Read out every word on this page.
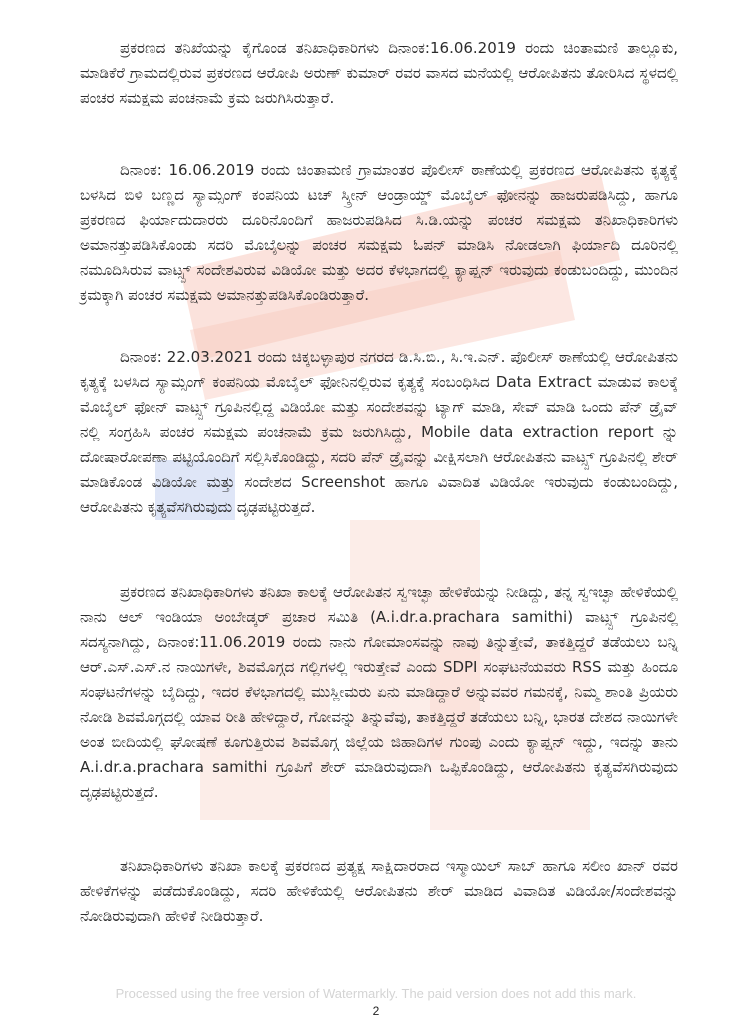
ಪ್ರಕರಣದ ತನಿಖೆಯನ್ನು ಕೈಗೊಂಡ ತನಿಖಾಧಿಕಾರಿಗಳು ದಿನಾಂಕ:16.06.2019 ರಂದು ಚಿಂತಾಮಣಿ ತಾಲ್ಲೂಕು, ಮಾಡಿಕೆರೆ ಗ್ರಾಮದಲ್ಲಿರುವ ಪ್ರಕರಣದ ಆರೋಪಿ ಅರುಣ್ ಕುಮಾರ್ ರವರ ವಾಸದ ಮನೆಯಲ್ಲಿ ಆರೋಪಿತನು ತೋರಿಸಿದ ಸ್ಥಳದಲ್ಲಿ ಪಂಚರ ಸಮಕ್ಷಮ ಪಂಚನಾಮೆ ಕ್ರಮ ಜರುಗಿಸಿರುತ್ತಾರೆ.

ದಿನಾಂಕ: 16.06.2019 ರಂದು ಚಿಂತಾಮಣಿ ಗ್ರಾಮಾಂತರ ಪೊಲೀಸ್ ಠಾಣೆಯಲ್ಲಿ ಪ್ರಕರಣದ ಆರೋಪಿತನು ಕೃತ್ಯಕ್ಕೆ ಬಳಸಿದ ಬಿಳಿ ಬಣ್ಣದ ಸ್ಯಾಮ್ಸಂಗ್ ಕಂಪನಿಯ ಟಚ್ ಸ್ಕ್ರೀನ್ ಆಂಡ್ರಾಯ್ಡ್ ಮೊಬೈಲ್ ಫೋನನ್ನು ಹಾಜರುಪಡಿಸಿದ್ದು, ಹಾಗೂ ಪ್ರಕರಣದ ಫಿರ್ಯಾದುದಾರರು ದೂರಿನೊಂದಿಗೆ ಹಾಜರುಪಡಿಸಿದ ಸಿ.ಡಿ.ಯನ್ನು ಪಂಚರ ಸಮಕ್ಷಮ ತನಿಖಾಧಿಕಾರಿಗಳು ಅಮಾನತ್ತುಪಡಿಸಿಕೊಂಡು ಸದರಿ ಮೊಬೈಲನ್ನು ಪಂಚರ ಸಮಕ್ಷಮ ಓಪನ್ ಮಾಡಿಸಿ ನೋಡಲಾಗಿ ಫಿರ್ಯಾದಿ ದೂರಿನಲ್ಲಿ ನಮೂದಿಸಿರುವ ವಾಟ್ಸ್ಪ್ ಸಂದೇಶವಿರುವ ವಿಡಿಯೋ ಮತ್ತು ಅದರ ಕೆಳಭಾಗದಲ್ಲಿ ಕ್ಯಾಪ್ಷನ್ ಇರುವುದು ಕಂಡುಬಂದಿದ್ದು, ಮುಂದಿನ ಕ್ರಮಕ್ಕಾಗಿ ಪಂಚರ ಸಮಕ್ಷಮ ಅಮಾನತ್ತುಪಡಿಸಿಕೊಂಡಿರುತ್ತಾರೆ.

ದಿನಾಂಕ: 22.03.2021 ರಂದು ಚಿಕ್ಕಬಳ್ಳಾಪುರ ನಗರದ ಡಿ.ಸಿ.ಬಿ., ಸಿ.ಇ.ಎನ್. ಪೊಲೀಸ್ ಠಾಣೆಯಲ್ಲಿ ಆರೋಪಿತನು ಕೃತ್ಯಕ್ಕೆ ಬಳಸಿದ ಸ್ಯಾಮ್ಸಂಗ್ ಕಂಪನಿಯ ಮೊಬೈಲ್ ಫೋನಿನಲ್ಲಿರುವ ಕೃತ್ಯಕ್ಕೆ ಸಂಬಂಧಿಸಿದ Data Extract ಮಾಡುವ ಕಾಲಕ್ಕೆ ಮೊಬೈಲ್ ಫೋನ್ ವಾಟ್ಸ್ಪ್ ಗ್ರೂಪಿನಲ್ಲಿದ್ದ ವಿಡಿಯೋ ಮತ್ತು ಸಂದೇಶವನ್ನು ಟ್ಯಾಗ್ ಮಾಡಿ, ಸೇವ್ ಮಾಡಿ ಒಂದು ಪೆನ್ ಡ್ರೈವ್ ನಲ್ಲಿ ಸಂಗ್ರಹಿಸಿ ಪಂಚರ ಸಮಕ್ಷಮ ಪಂಚನಾಮೆ ಕ್ರಮ ಜರುಗಿಸಿದ್ದು, Mobile data extraction report ನ್ನು ದೋಷಾರೋಪಣಾ ಪಟ್ಟಿಯೊಂದಿಗೆ ಸಲ್ಲಿಸಿಕೊಂಡಿದ್ದು, ಸದರಿ ಪೆನ್ ಡ್ರೈವನ್ನು ವೀಕ್ಷಿಸಲಾಗಿ ಆರೋಪಿತನು ವಾಟ್ಸ್ಪ್ ಗ್ರೂಪಿನಲ್ಲಿ ಶೇರ್ ಮಾಡಿಕೊಂಡ ವಿಡಿಯೋ ಮತ್ತು ಸಂದೇಶದ Screenshot ಹಾಗೂ ವಿವಾದಿತ ವಿಡಿಯೋ ಇರುವುದು ಕಂಡುಬಂದಿದ್ದು, ಆರೋಪಿತನು ಕೃತ್ಯವೆಸಗಿರುವುದು ದೃಢಪಟ್ಟಿರುತ್ತದೆ.

ಪ್ರಕರಣದ ತನಿಖಾಧಿಕಾರಿಗಳು ತನಿಖಾ ಕಾಲಕ್ಕೆ ಆರೋಪಿತನ ಸ್ವಇಚ್ಛಾ ಹೇಳಿಕೆಯನ್ನು ನೀಡಿದ್ದು, ತನ್ನ ಸ್ವಇಚ್ಛಾ ಹೇಳಿಕೆಯಲ್ಲಿ ನಾನು ಆಲ್ ಇಂಡಿಯಾ ಅಂಬೇಡ್ಕರ್ ಪ್ರಚಾರ ಸಮಿತಿ (A.i.dr.a.prachara samithi) ವಾಟ್ಸ್ಪ್ ಗ್ರೂಪಿನಲ್ಲಿ ಸದಸ್ಯನಾಗಿದ್ದು, ದಿನಾಂಕ:11.06.2019 ರಂದು ನಾನು ಗೋಮಾಂಸವನ್ನು ನಾವು ತಿನ್ನುತ್ತೇವೆ, ತಾಕತ್ತಿದ್ದರೆ ತಡೆಯಲು ಬನ್ನಿ ಆರ್.ಎಸ್.ಎಸ್.ನ ನಾಯಿಗಳೇ, ಶಿವಮೊಗ್ಗದ ಗಲ್ಲಿಗಳಲ್ಲಿ ಇರುತ್ತೇವೆ ಎಂದು SDPI ಸಂಘಟನೆಯವರು RSS ಮತ್ತು ಹಿಂದೂ ಸಂಘಟನೆಗಳನ್ನು ಬೈದಿದ್ದು, ಇದರ ಕೆಳಭಾಗದಲ್ಲಿ ಮುಸ್ಲೀಮರು ಏನು ಮಾಡಿದ್ದಾರೆ ಅನ್ನುವವರ ಗಮನಕ್ಕೆ, ನಿಮ್ಮ ಶಾಂತಿ ಪ್ರಿಯರು ನೋಡಿ ಶಿವಮೊಗ್ಗದಲ್ಲಿ ಯಾವ ರೀತಿ ಹೇಳಿದ್ದಾರೆ, ಗೋವನ್ನು ತಿನ್ನುವೆವು, ತಾಕತ್ತಿದ್ದರೆ ತಡೆಯಲು ಬನ್ನಿ, ಭಾರತ ದೇಶದ ನಾಯಿಗಳೇ ಅಂತ ಬೀದಿಯಲ್ಲಿ ಘೋಷಣೆ ಕೂಗುತ್ತಿರುವ ಶಿವಮೊಗ್ಗ ಜಿಲ್ಲೆಯ ಜಿಹಾದಿಗಳ ಗುಂಪು ಎಂದು ಕ್ಯಾಪ್ಷನ್ ಇದ್ದು, ಇದನ್ನು ತಾನು A.i.dr.a.prachara samithi ಗ್ರೂಪಿಗೆ ಶೇರ್ ಮಾಡಿರುವುದಾಗಿ ಒಪ್ಪಿಕೊಂಡಿದ್ದು, ಆರೋಪಿತನು ಕೃತ್ಯವೆಸಗಿರುವುದು ದೃಢಪಟ್ಟಿರುತ್ತದೆ.

ತನಿಖಾಧಿಕಾರಿಗಳು ತನಿಖಾ ಕಾಲಕ್ಕೆ ಪ್ರಕರಣದ ಪ್ರತ್ಯಕ್ಷ ಸಾಕ್ಷಿದಾರರಾದ ಇಸ್ಮಾಯಿಲ್ ಸಾಬ್ ಹಾಗೂ ಸಲೀಂ ಖಾನ್ ರವರ ಹೇಳಿಕೆಗಳನ್ನು ಪಡೆದುಕೊಂಡಿದ್ದು, ಸದರಿ ಹೇಳಿಕೆಯಲ್ಲಿ ಆರೋಪಿತನು ಶೇರ್ ಮಾಡಿದ ವಿವಾದಿತ ವಿಡಿಯೋ/ಸಂದೇಶವನ್ನು ನೋಡಿರುವುದಾಗಿ ಹೇಳಿಕೆ ನೀಡಿರುತ್ತಾರೆ.

Processed using the free version of Watermarkly. The paid version does not add this mark.
2
